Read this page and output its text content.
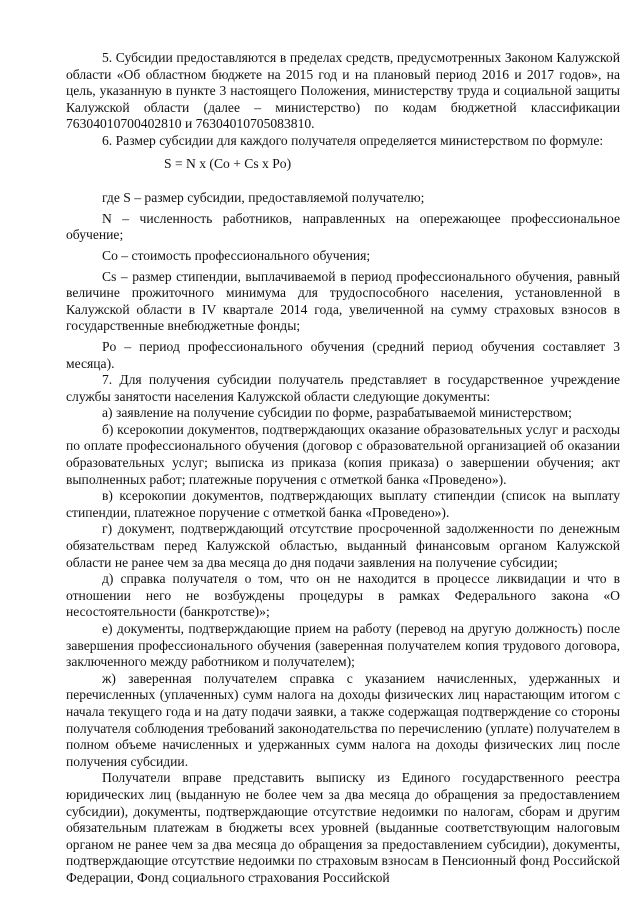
5. Субсидии предоставляются в пределах средств, предусмотренных Законом Калужской области «Об областном бюджете на 2015 год и на плановый период 2016 и 2017 годов», на цель, указанную в пункте 3 настоящего Положения, министерству труда и социальной защиты Калужской области (далее – министерство) по кодам бюджетной классификации 76304010700402810 и 76304010705083810.

6. Размер субсидии для каждого получателя определяется министерством по формуле:

S = N x (Co + Cs x Po)

где S – размер субсидии, предоставляемой получателю;

N – численность работников, направленных на опережающее профессиональное обучение;

Co – стоимость профессионального обучения;

Cs – размер стипендии, выплачиваемой в период профессионального обучения, равный величине прожиточного минимума для трудоспособного населения, установленной в Калужской области в IV квартале 2014 года, увеличенной на сумму страховых взносов в государственные внебюджетные фонды;

Po – период профессионального обучения (средний период обучения составляет 3 месяца).

7. Для получения субсидии получатель представляет в государственное учреждение службы занятости населения Калужской области следующие документы:

а) заявление на получение субсидии по форме, разрабатываемой министерством;

б) ксерокопии документов, подтверждающих оказание образовательных услуг и расходы по оплате профессионального обучения (договор с образовательной организацией об оказании образовательных услуг; выписка из приказа (копия приказа) о завершении обучения; акт выполненных работ; платежные поручения с отметкой банка «Проведено»).

в) ксерокопии документов, подтверждающих выплату стипендии (список на выплату стипендии, платежное поручение с отметкой банка «Проведено»).

г) документ, подтверждающий отсутствие просроченной задолженности по денежным обязательствам перед Калужской областью, выданный финансовым органом Калужской области не ранее чем за два месяца до дня подачи заявления на получение субсидии;

д) справка получателя о том, что он не находится в процессе ликвидации и что в отношении него не возбуждены процедуры в рамках Федерального закона «О несостоятельности (банкротстве)»;

е) документы, подтверждающие прием на работу (перевод на другую должность) после завершения профессионального обучения (заверенная получателем копия трудового договора, заключенного между работником и получателем);

ж) заверенная получателем справка с указанием начисленных, удержанных и перечисленных (уплаченных) сумм налога на доходы физических лиц нарастающим итогом с начала текущего года и на дату подачи заявки, а также содержащая подтверждение со стороны получателя соблюдения требований законодательства по перечислению (уплате) получателем в полном объеме начисленных и удержанных сумм налога на доходы физических лиц после получения субсидии.

Получатели вправе представить выписку из Единого государственного реестра юридических лиц (выданную не более чем за два месяца до обращения за предоставлением субсидии), документы, подтверждающие отсутствие недоимки по налогам, сборам и другим обязательным платежам в бюджеты всех уровней (выданные соответствующим налоговым органом не ранее чем за два месяца до обращения за предоставлением субсидии), документы, подтверждающие отсутствие недоимки по страховым взносам в Пенсионный фонд Российской Федерации, Фонд социального страхования Российской
